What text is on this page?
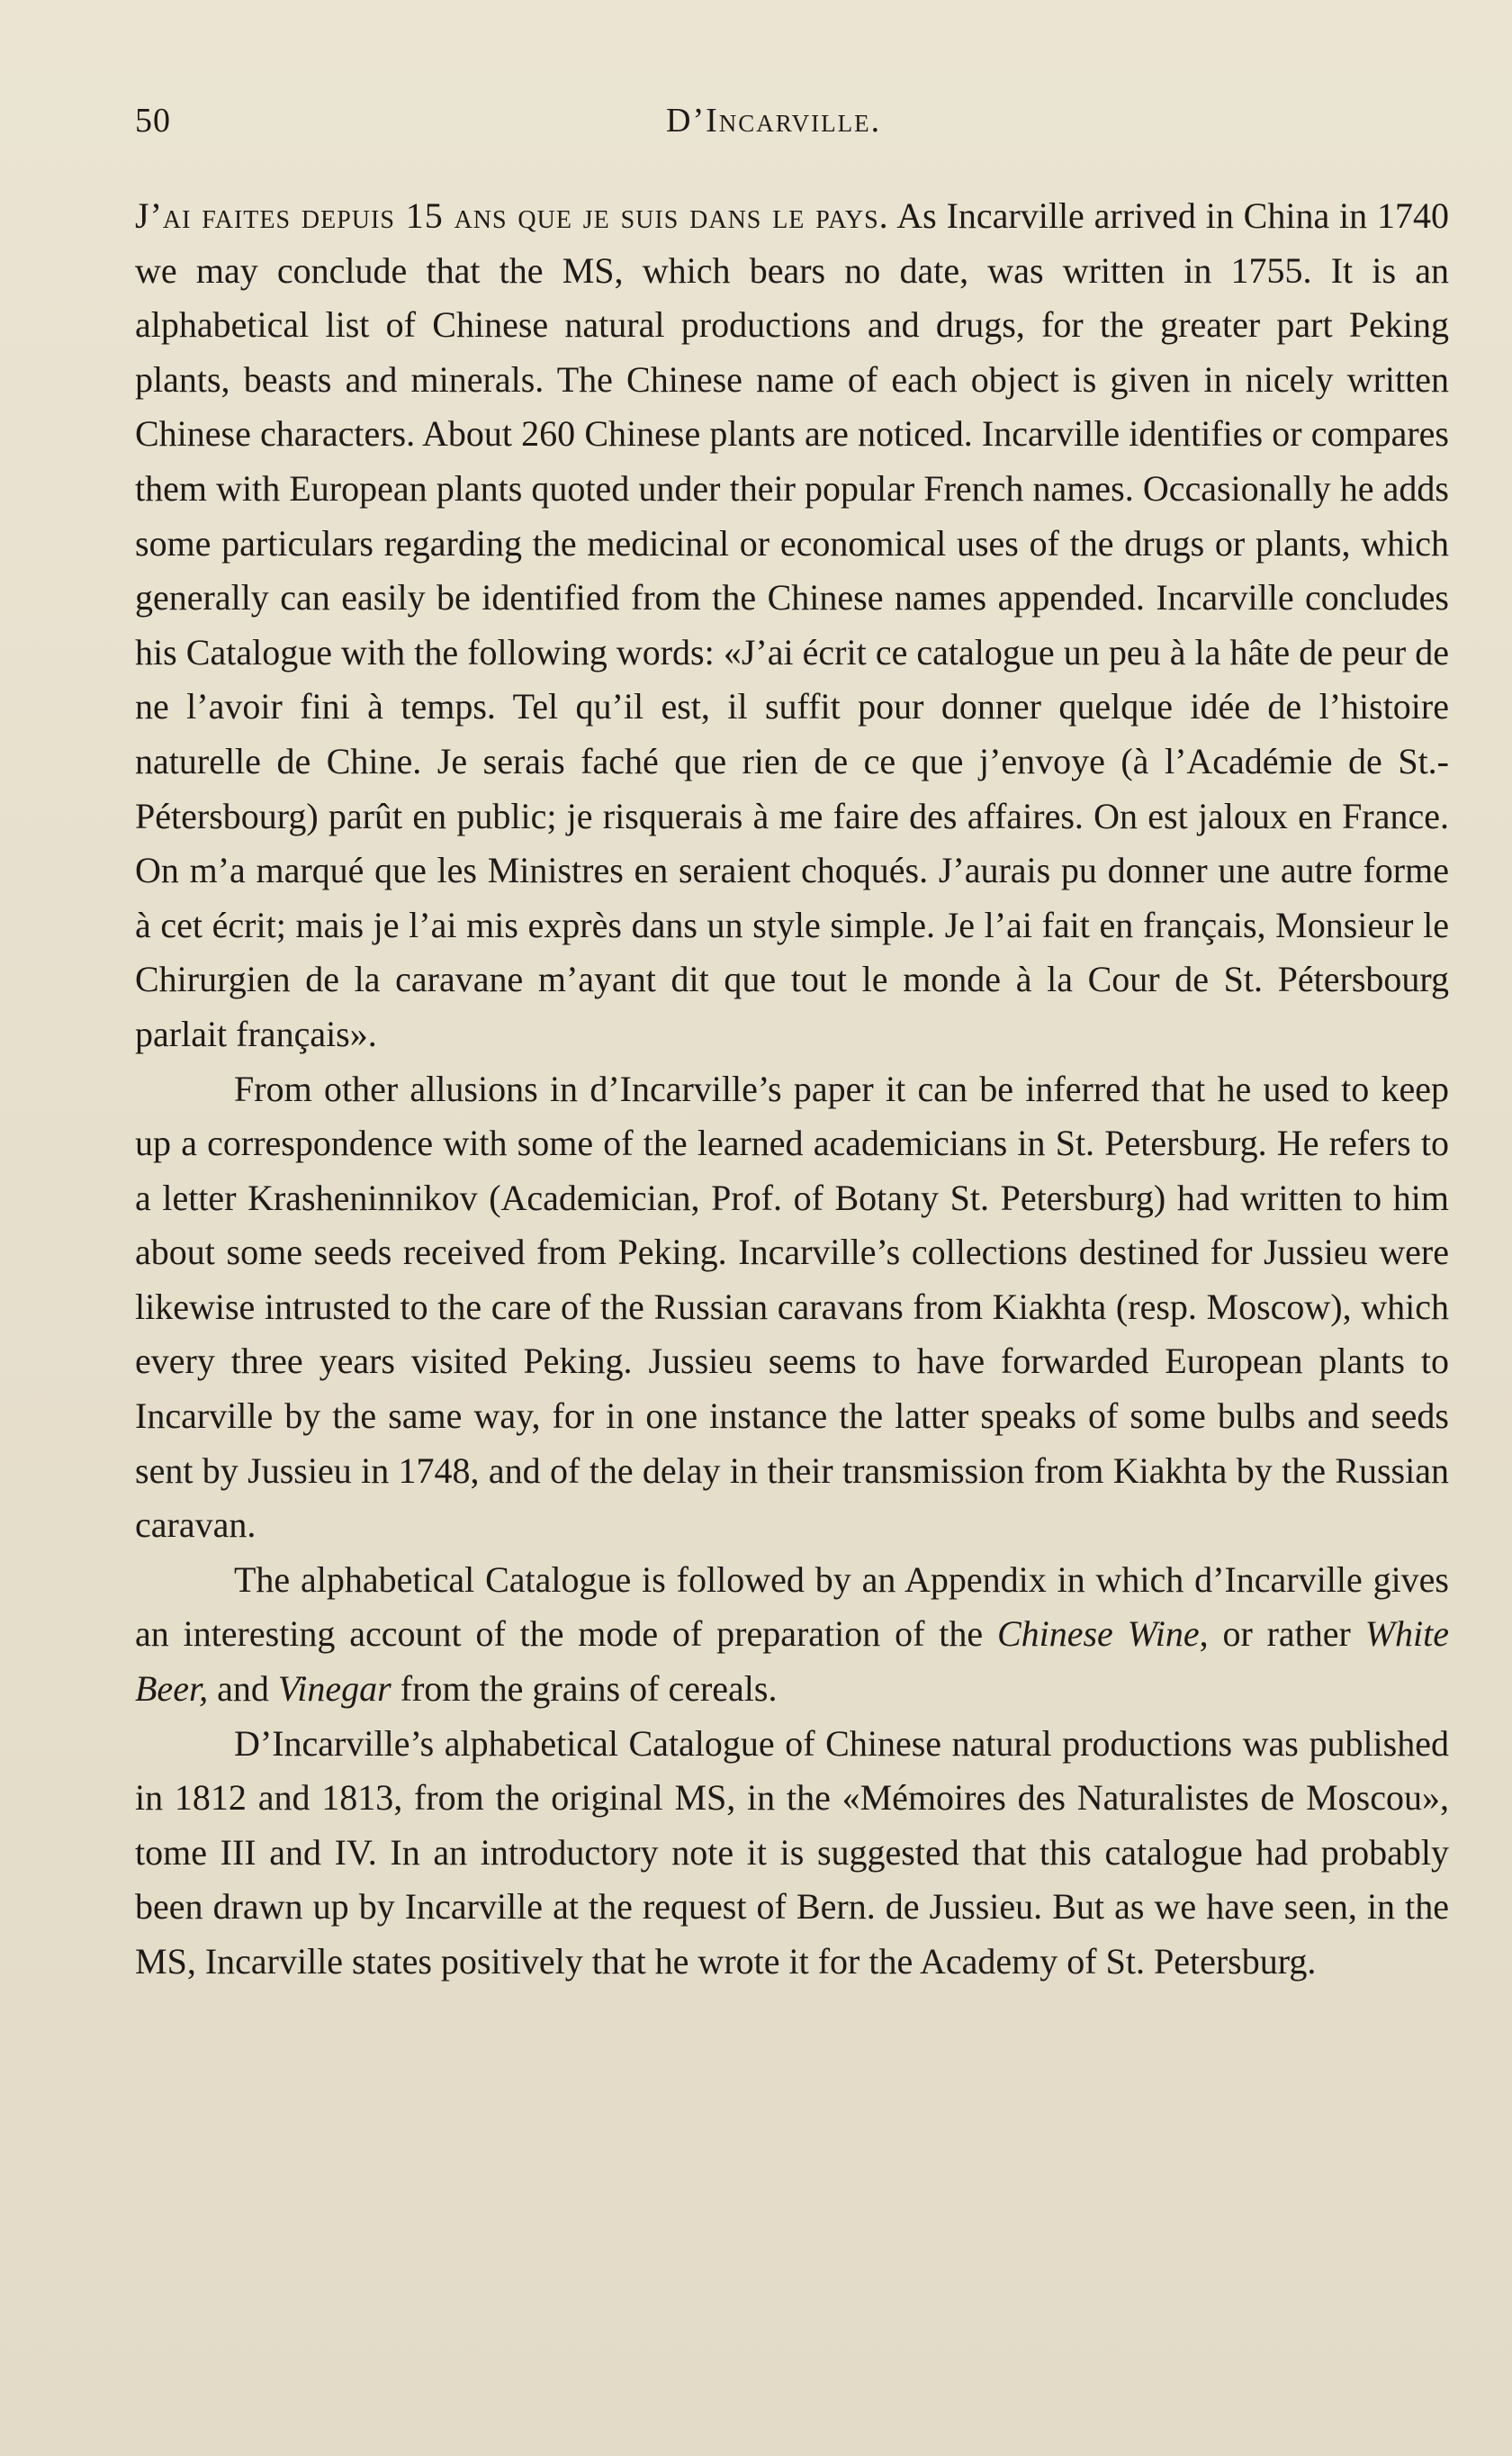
50	D’Incarville.

J’ai faites depuis 15 ans que je suis dans le pays. As Incarville arrived in China in 1740 we may conclude that the MS, which bears no date, was written in 1755. It is an alphabetical list of Chinese natural productions and drugs, for the greater part Peking plants, beasts and minerals. The Chinese name of each object is given in nicely written Chinese characters. About 260 Chinese plants are noticed. Incarville identifies or compares them with European plants quoted under their popular French names. Occasionally he adds some particulars regarding the medicinal or economical uses of the drugs or plants, which generally can easily be identified from the Chinese names appended. Incarville concludes his Catalogue with the following words: «J’ai écrit ce catalogue un peu à la hâte de peur de ne l’avoir fini à temps. Tel qu’il est, il suffit pour donner quelque idée de l’histoire naturelle de Chine. Je serais faché que rien de ce que j’envoye (à l’Académie de St.-Pétersbourg) parût en public; je risquerais à me faire des affaires. On est jaloux en France. On m’a marqué que les Ministres en seraient choqués. J’aurais pu donner une autre forme à cet écrit; mais je l’ai mis exprès dans un style simple. Je l’ai fait en français, Monsieur le Chirurgien de la caravane m’ayant dit que tout le monde à la Cour de St. Pétersbourg parlait français».

From other allusions in d’Incarville’s paper it can be inferred that he used to keep up a correspondence with some of the learned academicians in St. Petersburg. He refers to a letter Krasheninnikov (Academician, Prof. of Botany St. Petersburg) had written to him about some seeds received from Peking. Incarville’s collections destined for Jussieu were likewise intrusted to the care of the Russian caravans from Kiakhta (resp. Moscow), which every three years visited Peking. Jussieu seems to have forwarded European plants to Incarville by the same way, for in one instance the latter speaks of some bulbs and seeds sent by Jussieu in 1748, and of the delay in their transmission from Kiakhta by the Russian caravan.

The alphabetical Catalogue is followed by an Appendix in which d’Incarville gives an interesting account of the mode of preparation of the Chinese Wine, or rather White Beer, and Vinegar from the grains of cereals.

D’Incarville’s alphabetical Catalogue of Chinese natural productions was published in 1812 and 1813, from the original MS, in the «Mémoires des Naturalistes de Moscou», tome III and IV. In an introductory note it is suggested that this catalogue had probably been drawn up by Incarville at the request of Bern. de Jussieu. But as we have seen, in the MS, Incarville states positively that he wrote it for the Academy of St. Petersburg.
